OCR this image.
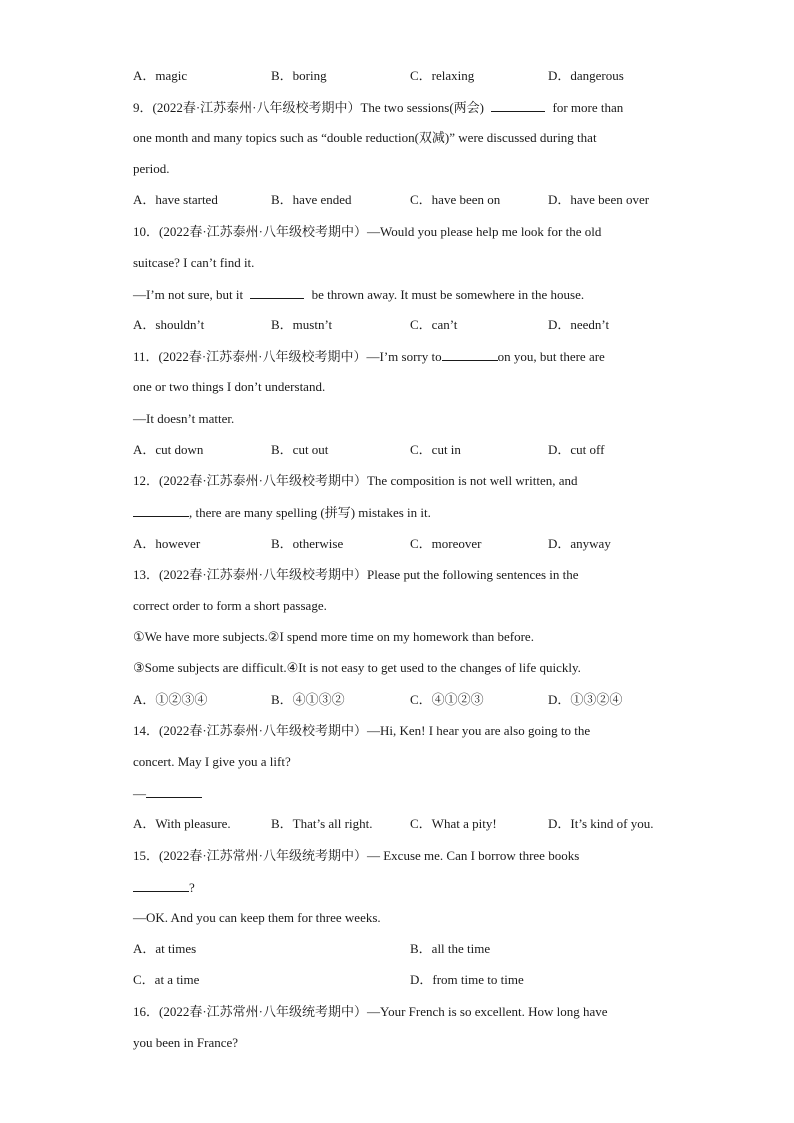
A．magic	B．boring	C．relaxing	D．dangerous
9．(2022春·江苏泰州·八年级校考期中）The two sessions(两会)	for more than
one month and many topics such as “double reduction(双减)” were discussed during that
period.
A．have started	B．have ended	C．have been on	D．have been over
10．(2022春·江苏泰州·八年级校考期中）—Would you please help me look for the old
suitcase? I can’t find it.
—I’m not sure, but it	be thrown away. It must be somewhere in the house.
A．shouldn’t	B．mustn’t	C．can’t	D．needn’t
11．(2022春·江苏泰州·八年级校考期中）—I’m sorry to	on you, but there are
one or two things I don’t understand.
—It doesn’t matter.
A．cut down	B．cut out	C．cut in	D．cut off
12．(2022春·江苏泰州·八年级校考期中）The composition is not well written, and
, there are many spelling (拼写) mistakes in it.
A．however	B．otherwise	C．moreover	D．anyway
13．(2022春·江苏泰州·八年级校考期中）Please put the following sentences in the
correct order to form a short passage.
①We have more subjects.②I spend more time on my homework than before.
③Some subjects are difficult.④It is not easy to get used to the changes of life quickly.
A．①②③④	B．④①③②	C．④①②③	D．①③②④
14．(2022春·江苏泰州·八年级校考期中）—Hi, Ken! I hear you are also going to the
concert. May I give you a lift?
—
A．With pleasure.	B．That’s all right.	C．What a pity!	D．It’s kind of you.
15．(2022春·江苏常州·八年级统考期中）— Excuse me. Can I borrow three books
?
—OK. And you can keep them for three weeks.
A．at times	B．all the time
C．at a time	D．from time to time
16．(2022春·江苏常州·八年级统考期中）—Your French is so excellent. How long have
you been in France?
